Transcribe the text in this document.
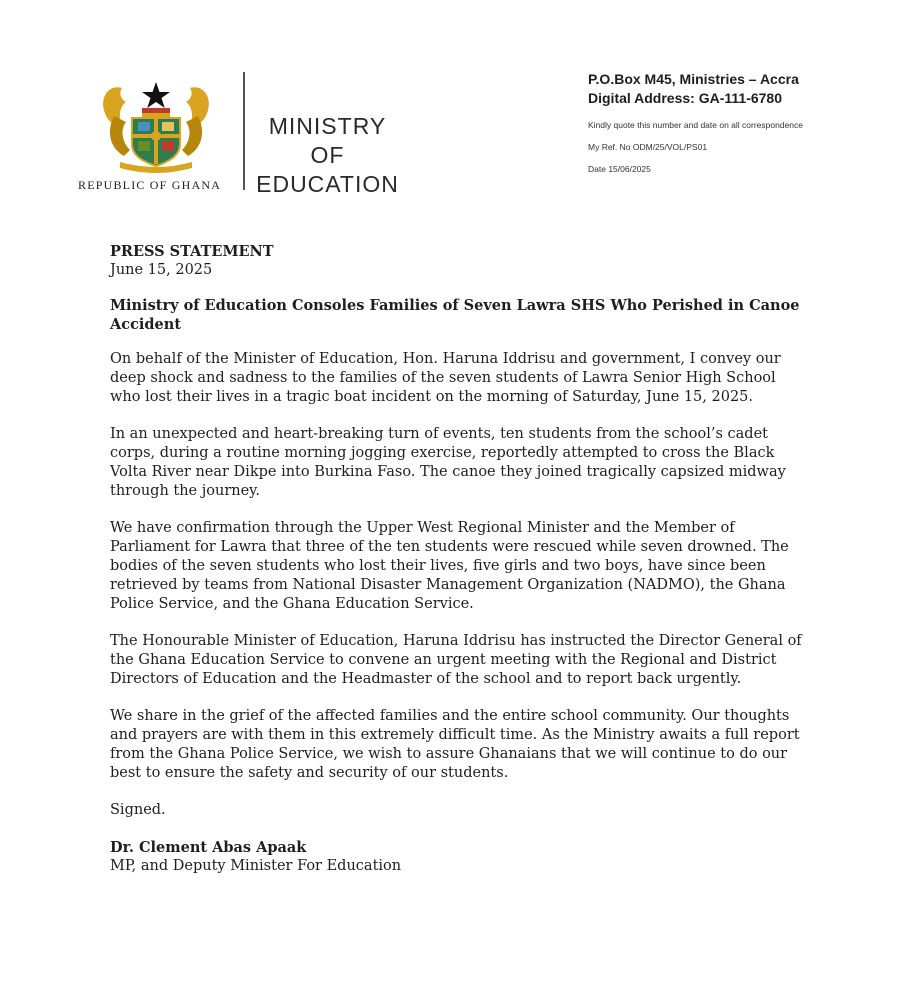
REPUBLIC OF GHANA
MINISTRY
OF
EDUCATION
P.O.Box M45, Ministries – Accra
Digital Address: GA-111-6780
Kindly quote this number and date on all correspondence
My Ref. No ODM/25/VOL/PS01
Date 15/06/2025
PRESS STATEMENT
June 15, 2025
Ministry of Education Consoles Families of Seven Lawra SHS Who Perished in Canoe Accident
On behalf of the Minister of Education, Hon. Haruna Iddrisu and government, I convey our deep shock and sadness to the families of the seven students of Lawra Senior High School who lost their lives in a tragic boat incident on the morning of Saturday, June 15, 2025.
In an unexpected and heart-breaking turn of events, ten students from the school’s cadet corps, during a routine morning jogging exercise, reportedly attempted to cross the Black Volta River near Dikpe into Burkina Faso. The canoe they joined tragically capsized midway through the journey.
We have confirmation through the Upper West Regional Minister and the Member of Parliament for Lawra that three of the ten students were rescued while seven drowned. The bodies of the seven students who lost their lives, five girls and two boys, have since been retrieved by teams from National Disaster Management Organization (NADMO), the Ghana Police Service, and the Ghana Education Service.
The Honourable Minister of Education, Haruna Iddrisu has instructed the Director General of the Ghana Education Service to convene an urgent meeting with the Regional and District Directors of Education and the Headmaster of the school and to report back urgently.
We share in the grief of the affected families and the entire school community. Our thoughts and prayers are with them in this extremely difficult time. As the Ministry awaits a full report from the Ghana Police Service, we wish to assure Ghanaians that we will continue to do our best to ensure the safety and security of our students.
Signed.
Dr. Clement Abas Apaak
MP, and Deputy Minister For Education
